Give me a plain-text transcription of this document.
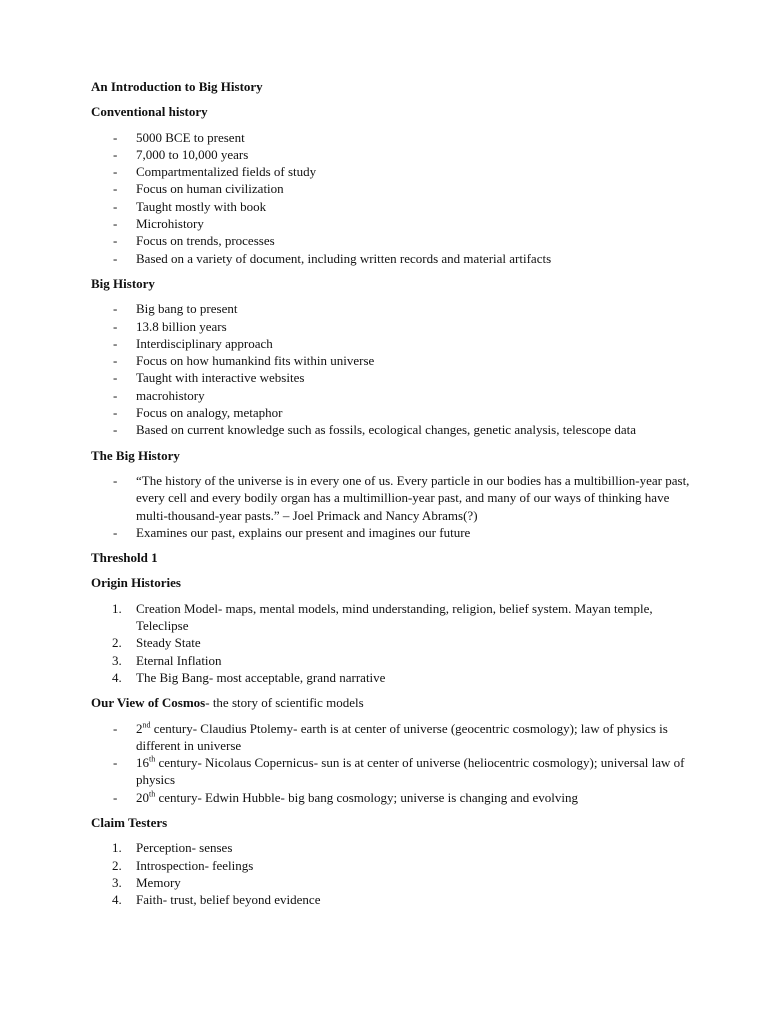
An Introduction to Big History

Conventional history

- 5000 BCE to present
- 7,000 to 10,000 years
- Compartmentalized fields of study
- Focus on human civilization
- Taught mostly with book
- Microhistory
- Focus on trends, processes
- Based on a variety of document, including written records and material artifacts

Big History

- Big bang to present
- 13.8 billion years
- Interdisciplinary approach
- Focus on how humankind fits within universe
- Taught with interactive websites
- macrohistory
- Focus on analogy, metaphor
- Based on current knowledge such as fossils, ecological changes, genetic analysis, telescope data

The Big History

- “The history of the universe is in every one of us. Every particle in our bodies has a multibillion-year past, every cell and every bodily organ has a multimillion-year past, and many of our ways of thinking have multi-thousand-year pasts.” – Joel Primack and Nancy Abrams(?)
- Examines our past, explains our present and imagines our future

Threshold 1

Origin Histories

1. Creation Model- maps, mental models, mind understanding, religion, belief system. Mayan temple, Teleclipse
2. Steady State
3. Eternal Inflation
4. The Big Bang- most acceptable, grand narrative

Our View of Cosmos- the story of scientific models

- 2nd century- Claudius Ptolemy- earth is at center of universe (geocentric cosmology); law of physics is different in universe
- 16th century- Nicolaus Copernicus- sun is at center of universe (heliocentric cosmology); universal law of physics
- 20th century- Edwin Hubble- big bang cosmology; universe is changing and evolving

Claim Testers

1. Perception- senses
2. Introspection- feelings
3. Memory
4. Faith- trust, belief beyond evidence
